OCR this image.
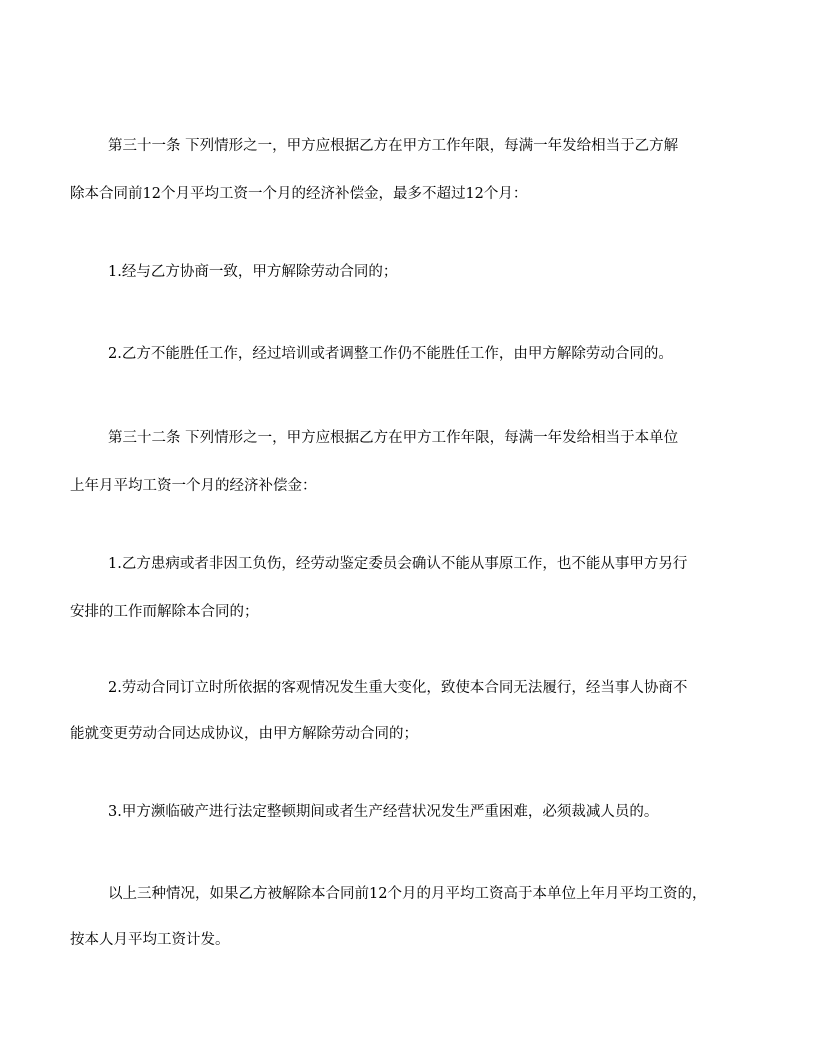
第三十一条 下列情形之一，甲方应根据乙方在甲方工作年限，每满一年发给相当于乙方解
除本合同前12个月平均工资一个月的经济补偿金，最多不超过12个月：
1.经与乙方协商一致，甲方解除劳动合同的；
2.乙方不能胜任工作，经过培训或者调整工作仍不能胜任工作，由甲方解除劳动合同的。
第三十二条 下列情形之一，甲方应根据乙方在甲方工作年限，每满一年发给相当于本单位
上年月平均工资一个月的经济补偿金：
1.乙方患病或者非因工负伤，经劳动鉴定委员会确认不能从事原工作，也不能从事甲方另行
安排的工作而解除本合同的；
2.劳动合同订立时所依据的客观情况发生重大变化，致使本合同无法履行，经当事人协商不
能就变更劳动合同达成协议，由甲方解除劳动合同的；
3.甲方濒临破产进行法定整顿期间或者生产经营状况发生严重困难，必须裁减人员的。
以上三种情况，如果乙方被解除本合同前12个月的月平均工资高于本单位上年月平均工资的，
按本人月平均工资计发。
